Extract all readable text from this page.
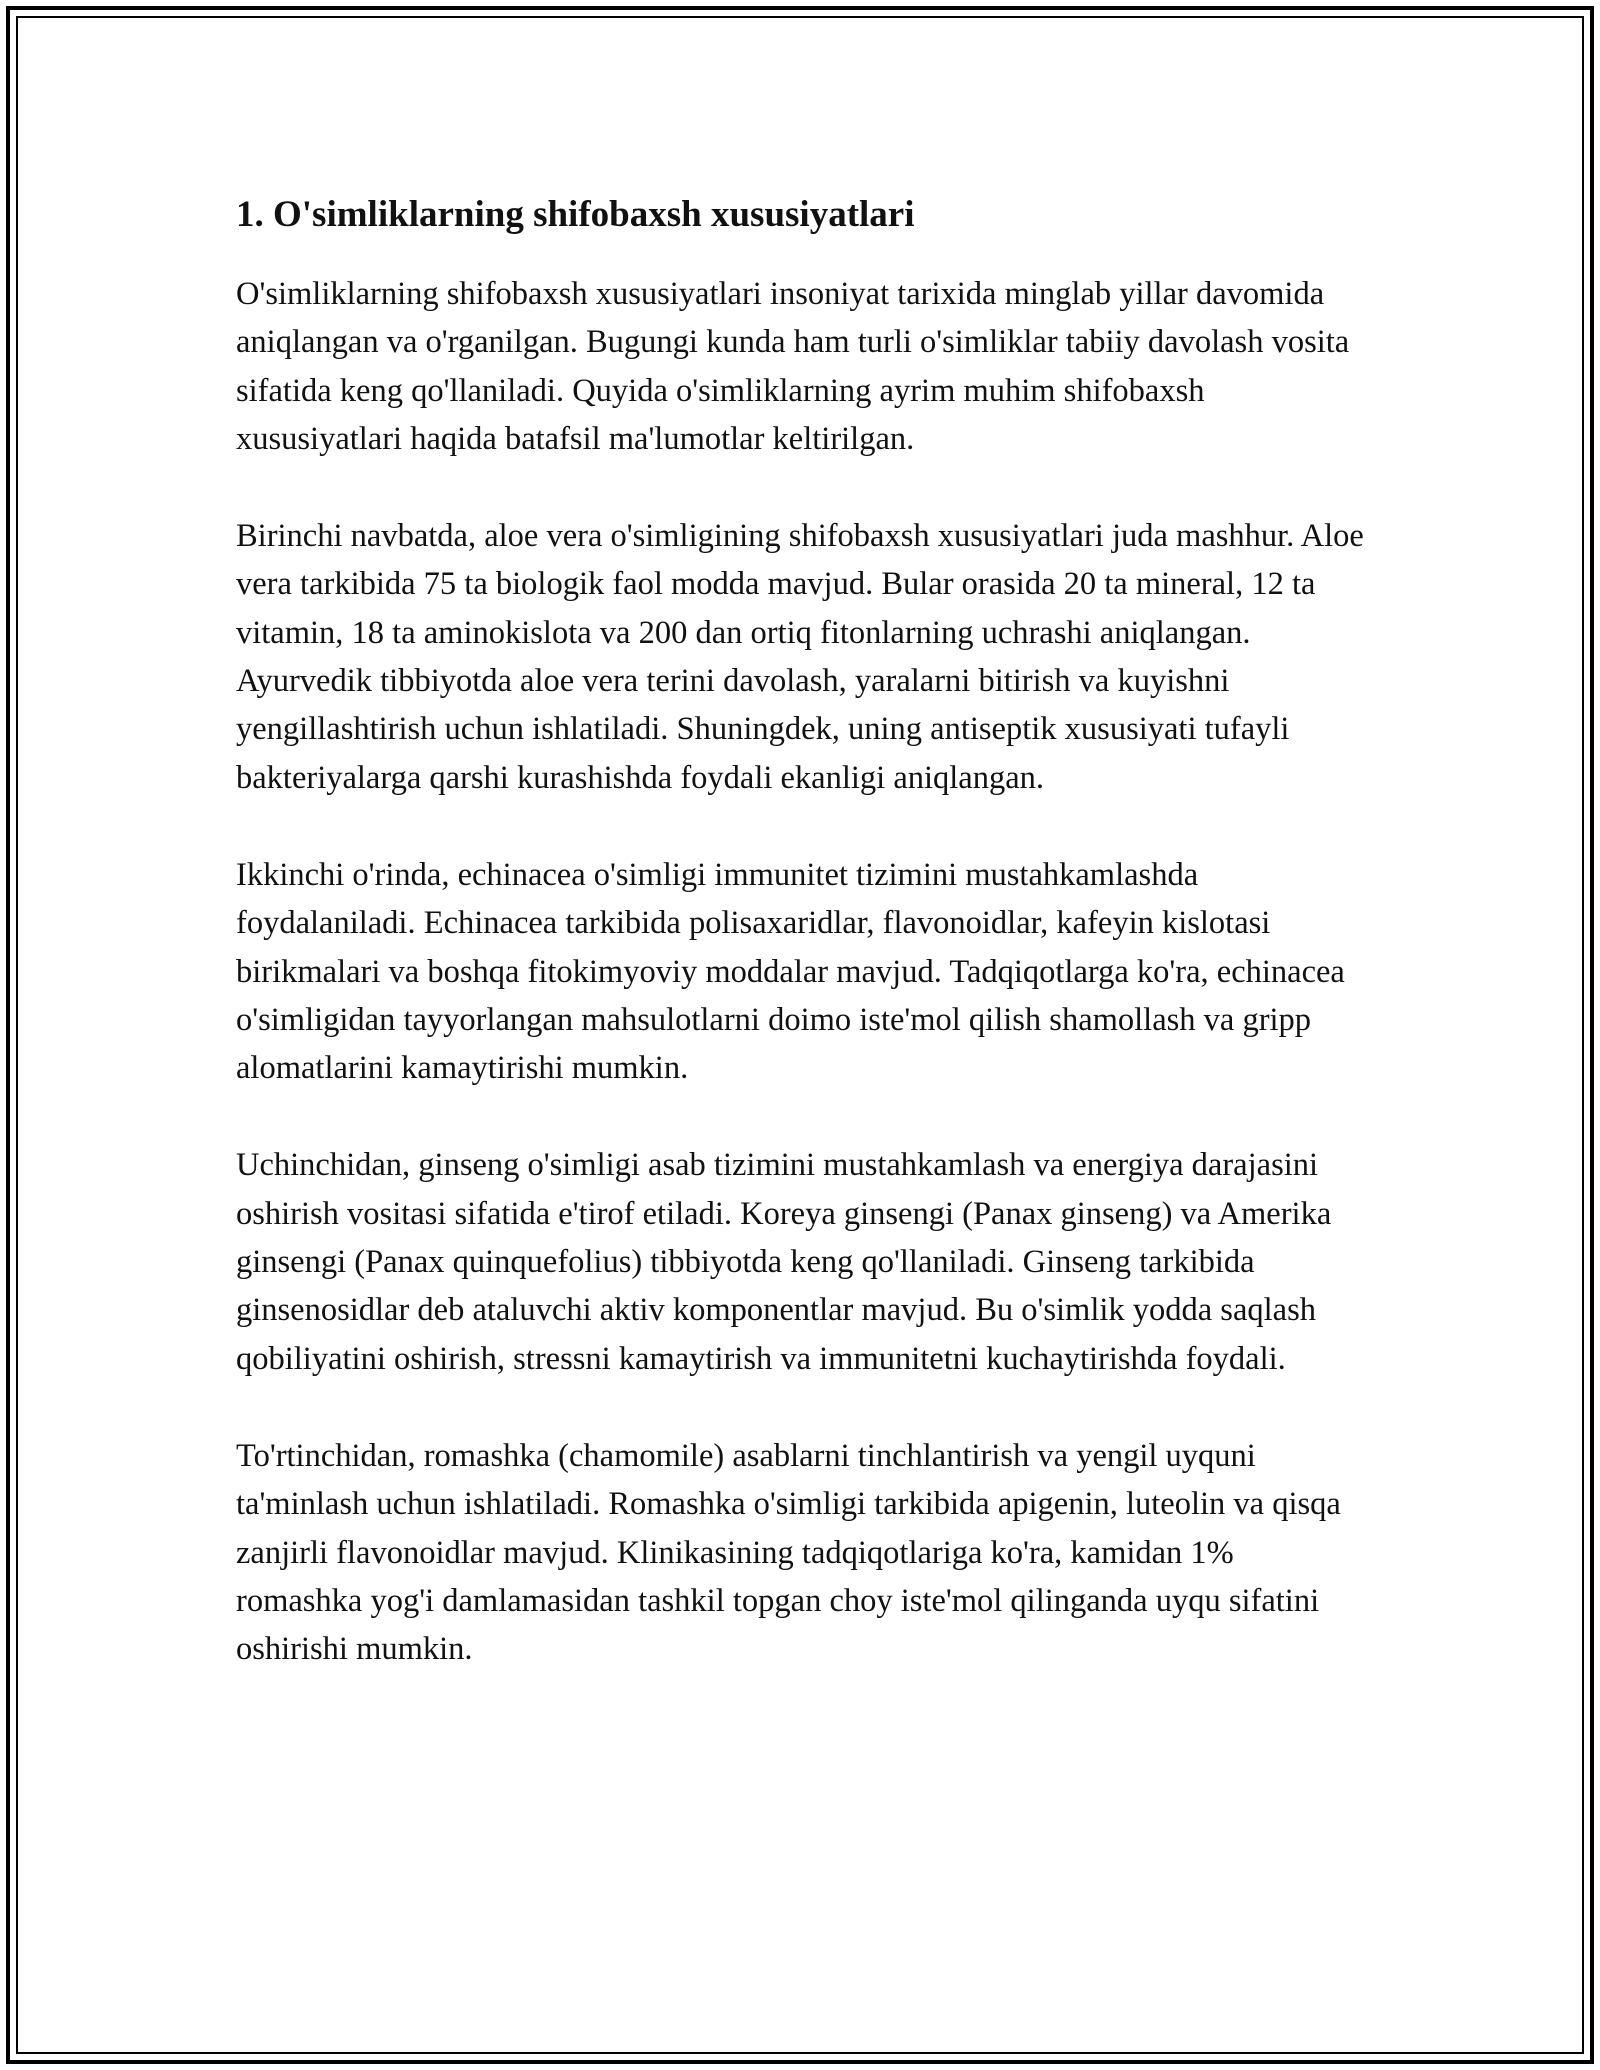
1. O'simliklarning shifobaxsh xususiyatlari

O'simliklarning shifobaxsh xususiyatlari insoniyat tarixida minglab yillar davomida aniqlangan va o'rganilgan. Bugungi kunda ham turli o'simliklar tabiiy davolash vosita sifatida keng qo'llaniladi. Quyida o'simliklarning ayrim muhim shifobaxsh xususiyatlari haqida batafsil ma'lumotlar keltirilgan.

Birinchi navbatda, aloe vera o'simligining shifobaxsh xususiyatlari juda mashhur. Aloe vera tarkibida 75 ta biologik faol modda mavjud. Bular orasida 20 ta mineral, 12 ta vitamin, 18 ta aminokislota va 200 dan ortiq fitonlarning uchrashi aniqlangan. Ayurvedik tibbiyotda aloe vera terini davolash, yaralarni bitirish va kuyishni yengillashtirish uchun ishlatiladi. Shuningdek, uning antiseptik xususiyati tufayli bakteriyalarga qarshi kurashishda foydali ekanligi aniqlangan.

Ikkinchi o'rinda, echinacea o'simligi immunitet tizimini mustahkamlashda foydalaniladi. Echinacea tarkibida polisaxaridlar, flavonoidlar, kafeyin kislotasi birikmalari va boshqa fitokimyoviy moddalar mavjud. Tadqiqotlarga ko'ra, echinacea o'simligidan tayyorlangan mahsulotlarni doimo iste'mol qilish shamollash va gripp alomatlarini kamaytirishi mumkin.

Uchinchidan, ginseng o'simligi asab tizimini mustahkamlash va energiya darajasini oshirish vositasi sifatida e'tirof etiladi. Koreya ginsengi (Panax ginseng) va Amerika ginsengi (Panax quinquefolius) tibbiyotda keng qo'llaniladi. Ginseng tarkibida ginsenosidlar deb ataluvchi aktiv komponentlar mavjud. Bu o'simlik yodda saqlash qobiliyatini oshirish, stressni kamaytirish va immunitetni kuchaytirishda foydali.

To'rtinchidan, romashka (chamomile) asablarni tinchlantirish va yengil uyquni ta'minlash uchun ishlatiladi. Romashka o'simligi tarkibida apigenin, luteolin va qisqa zanjirli flavonoidlar mavjud. Klinikasining tadqiqotlariga ko'ra, kamidan 1% romashka yog'i damlamasidan tashkil topgan choy iste'mol qilinganda uyqu sifatini oshirishi mumkin.
